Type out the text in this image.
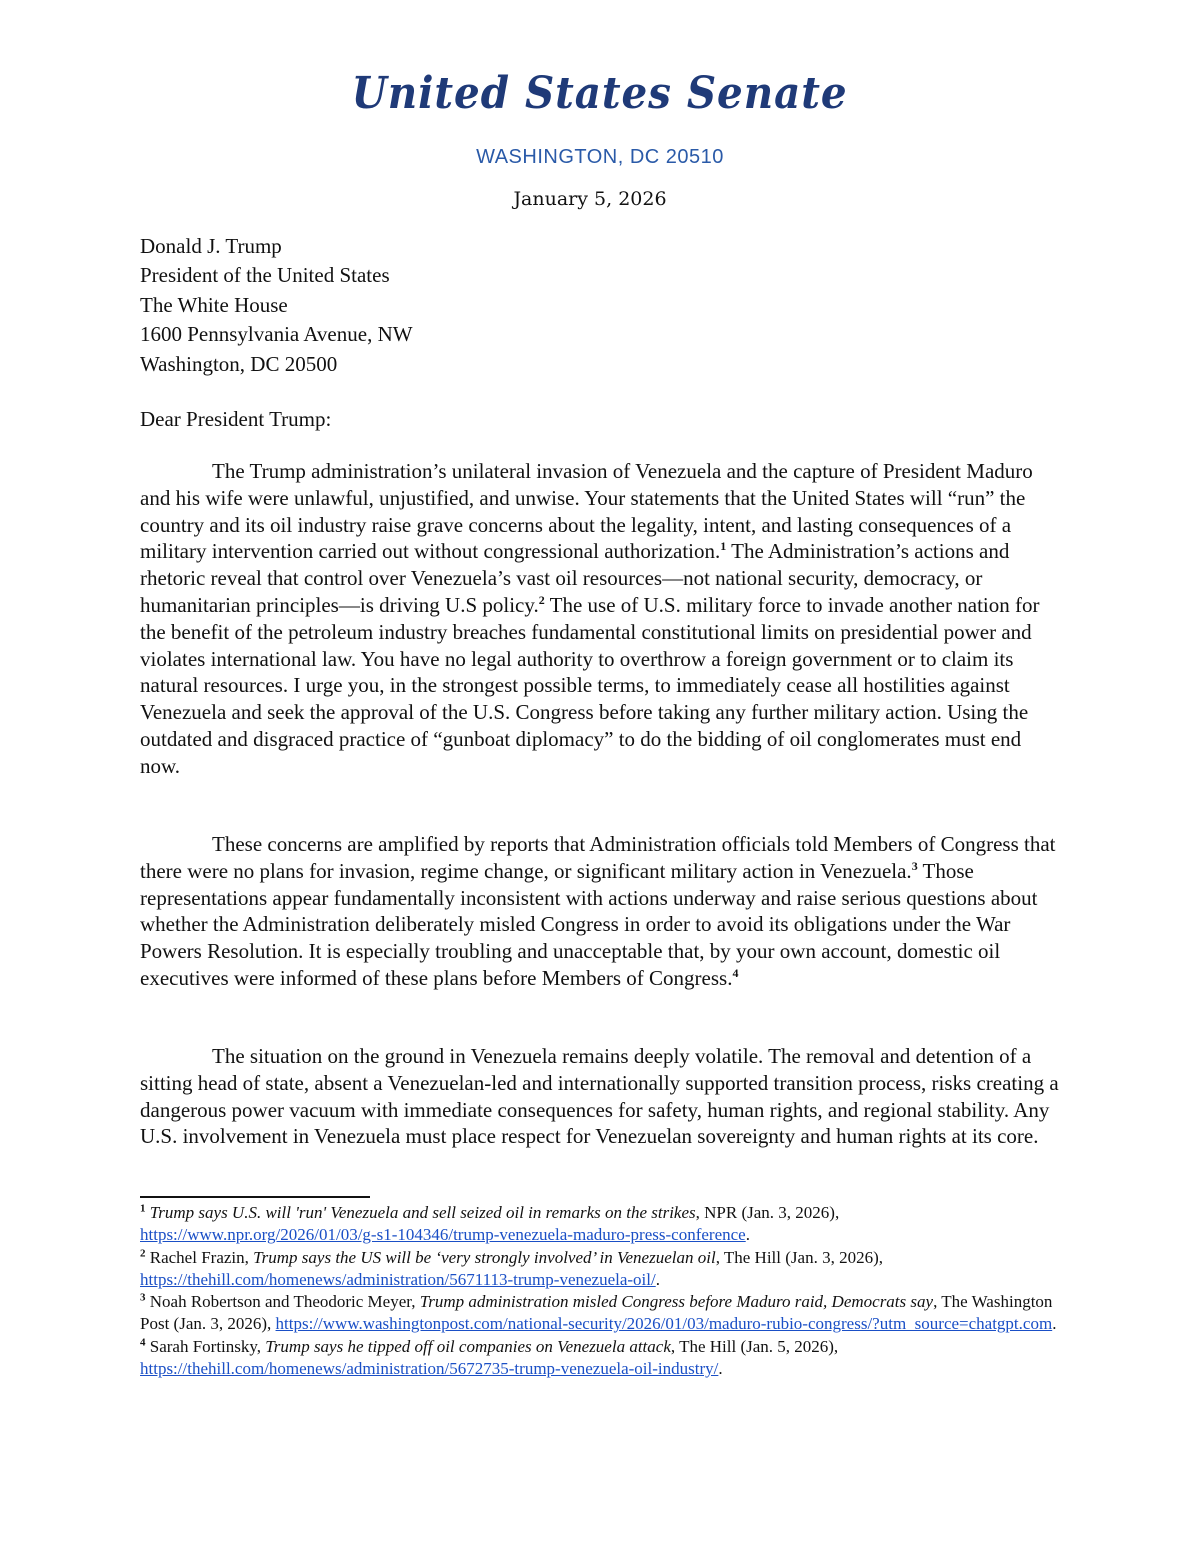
United States Senate
WASHINGTON, DC 20510
January 5, 2026
Donald J. Trump
President of the United States
The White House
1600 Pennsylvania Avenue, NW
Washington, DC 20500
Dear President Trump:

The Trump administration’s unilateral invasion of Venezuela and the capture of President Maduro and his wife were unlawful, unjustified, and unwise. Your statements that the United States will “run” the country and its oil industry raise grave concerns about the legality, intent, and lasting consequences of a military intervention carried out without congressional authorization.$^1$ The Administration’s actions and rhetoric reveal that control over Venezuela’s vast oil resources—not national security, democracy, or humanitarian principles—is driving U.S policy.$^2$ The use of U.S. military force to invade another nation for the benefit of the petroleum industry breaches fundamental constitutional limits on presidential power and violates international law. You have no legal authority to overthrow a foreign government or to claim its natural resources. I urge you, in the strongest possible terms, to immediately cease all hostilities against Venezuela and seek the approval of the U.S. Congress before taking any further military action. Using the outdated and disgraced practice of “gunboat diplomacy” to do the bidding of oil conglomerates must end now.

These concerns are amplified by reports that Administration officials told Members of Congress that there were no plans for invasion, regime change, or significant military action in Venezuela.$^3$ Those representations appear fundamentally inconsistent with actions underway and raise serious questions about whether the Administration deliberately misled Congress in order to avoid its obligations under the War Powers Resolution. It is especially troubling and unacceptable that, by your own account, domestic oil executives were informed of these plans before Members of Congress.$^4$

The situation on the ground in Venezuela remains deeply volatile. The removal and detention of a sitting head of state, absent a Venezuelan-led and internationally supported transition process, risks creating a dangerous power vacuum with immediate consequences for safety, human rights, and regional stability. Any U.S. involvement in Venezuela must place respect for Venezuelan sovereignty and human rights at its core.

$^1$ Trump says U.S. will 'run' Venezuela and sell seized oil in remarks on the strikes, NPR (Jan. 3, 2026), https://www.npr.org/2026/01/03/g-s1-104346/trump-venezuela-maduro-press-conference.

$^2$ Rachel Frazin, Trump says the US will be ‘very strongly involved’ in Venezuelan oil, The Hill (Jan. 3, 2026), https://thehill.com/homenews/administration/5671113-trump-venezuela-oil/.

$^3$ Noah Robertson and Theodoric Meyer, Trump administration misled Congress before Maduro raid, Democrats say, The Washington Post (Jan. 3, 2026), https://www.washingtonpost.com/national-security/2026/01/03/maduro-rubio-congress/?utm_source=chatgpt.com.

$^4$ Sarah Fortinsky, Trump says he tipped off oil companies on Venezuela attack, The Hill (Jan. 5, 2026), https://thehill.com/homenews/administration/5672735-trump-venezuela-oil-industry/.
